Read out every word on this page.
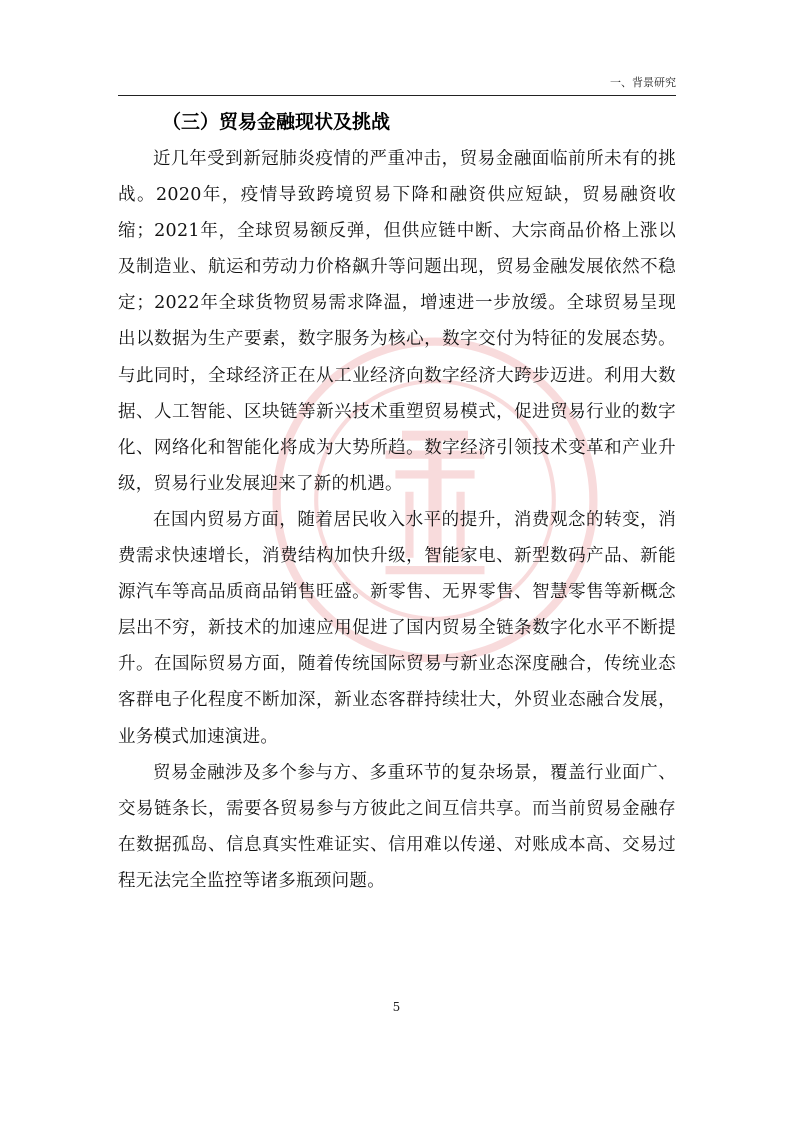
一、背景研究
（三）贸易金融现状及挑战

近几年受到新冠肺炎疫情的严重冲击，贸易金融面临前所未有的挑战。2020年，疫情导致跨境贸易下降和融资供应短缺，贸易融资收缩；2021年，全球贸易额反弹，但供应链中断、大宗商品价格上涨以及制造业、航运和劳动力价格飙升等问题出现，贸易金融发展依然不稳定；2022年全球货物贸易需求降温，增速进一步放缓。全球贸易呈现出以数据为生产要素，数字服务为核心，数字交付为特征的发展态势。与此同时，全球经济正在从工业经济向数字经济大跨步迈进。利用大数据、人工智能、区块链等新兴技术重塑贸易模式，促进贸易行业的数字化、网络化和智能化将成为大势所趋。数字经济引领技术变革和产业升级，贸易行业发展迎来了新的机遇。

在国内贸易方面，随着居民收入水平的提升，消费观念的转变，消费需求快速增长，消费结构加快升级，智能家电、新型数码产品、新能源汽车等高品质商品销售旺盛。新零售、无界零售、智慧零售等新概念层出不穷，新技术的加速应用促进了国内贸易全链条数字化水平不断提升。在国际贸易方面，随着传统国际贸易与新业态深度融合，传统业态客群电子化程度不断加深，新业态客群持续壮大，外贸业态融合发展，业务模式加速演进。

贸易金融涉及多个参与方、多重环节的复杂场景，覆盖行业面广、交易链条长，需要各贸易参与方彼此之间互信共享。而当前贸易金融存在数据孤岛、信息真实性难证实、信用难以传递、对账成本高、交易过程无法完全监控等诸多瓶颈问题。

5
